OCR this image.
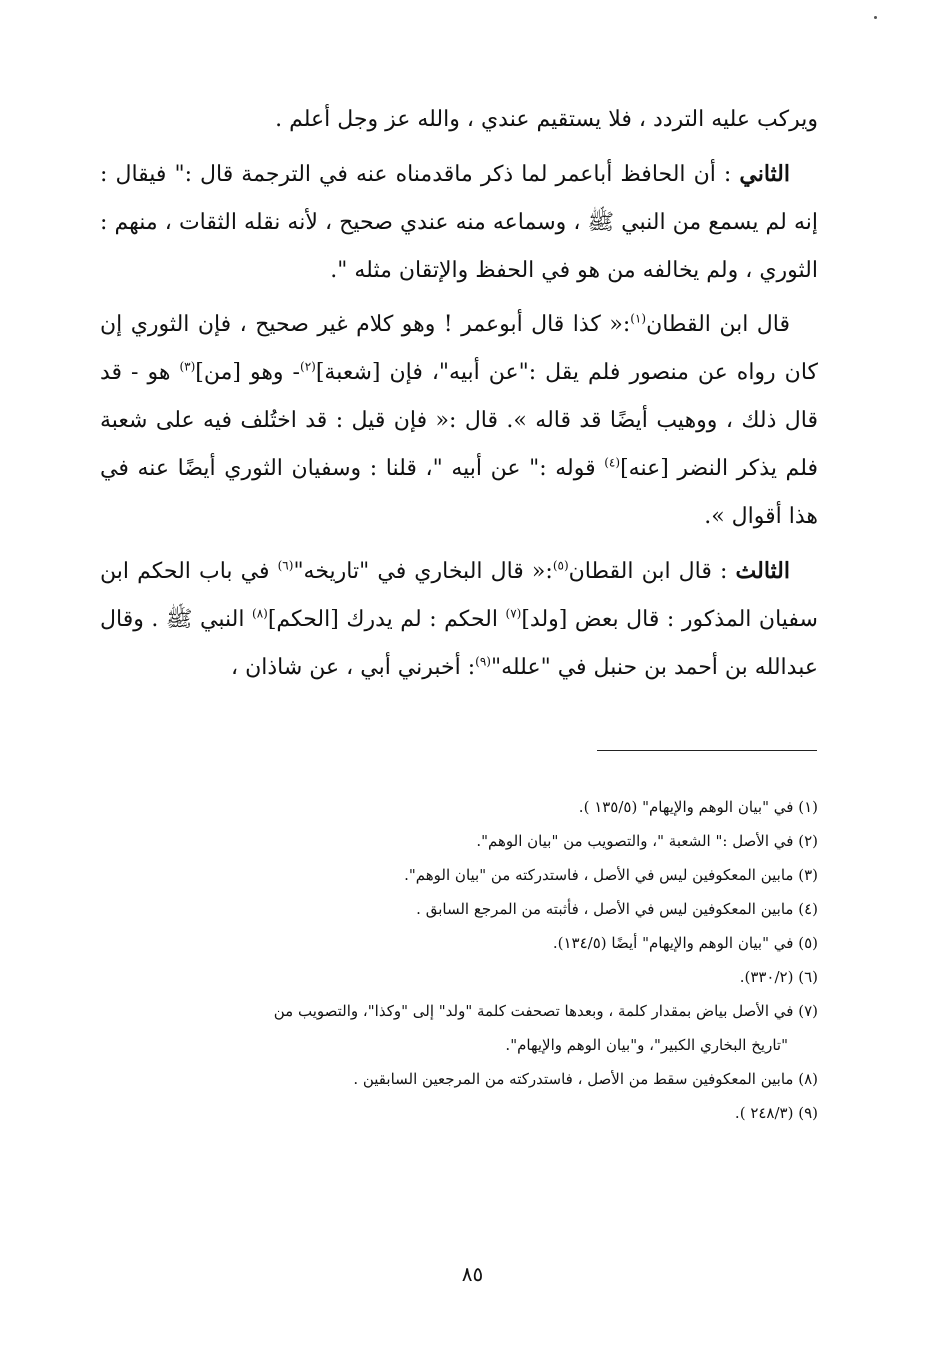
ويركب عليه التردد ، فلا يستقيم عندي ، والله عز وجل أعلم .

الثاني : أن الحافظ أباعمر لما ذكر ماقدمناه عنه في الترجمة قال :" فيقال : إنه لم يسمع من النبي ﷺ ، وسماعه منه عندي صحيح ، لأنه نقله الثقات ، منهم : الثوري ، ولم يخالفه من هو في الحفظ والإتقان مثله ".

قال ابن القطان$^{(١)}$:« كذا قال أبوعمر ! وهو كلام غير صحيح ، فإن الثوري إن كان رواه عن منصور فلم يقل :"عن أبيه"، فإن [شعبة]$^{(٢)}$- وهو [من]$^{(٣)}$ هو - قد قال ذلك ، ووهيب أيضًا قد قاله ». قال :« فإن قيل : قد اختُلف فيه على شعبة فلم يذكر النضر [عنه]$^{(٤)}$ قوله :" عن أبيه "، قلنا : وسفيان الثوري أيضًا عنه في هذا أقوال ».

الثالث : قال ابن القطان$^{(٥)}$:« قال البخاري في "تاريخه"$^{(٦)}$ في باب الحكم ابن سفيان المذكور : قال بعض [ولد]$^{(٧)}$ الحكم : لم يدرك [الحكم]$^{(٨)}$ النبي ﷺ . وقال عبدالله بن أحمد بن حنبل في "علله"$^{(٩)}$: أخبرني أبي ، عن شاذان ،

(١) في "بيان الوهم والإيهام" (١٣٥/٥ ).

(٢) في الأصل :" الشعبة "، والتصويب من "بيان الوهم".

(٣) مابين المعكوفين ليس في الأصل ، فاستدركته من "بيان الوهم".

(٤) مابين المعكوفين ليس في الأصل ، فأثبته من المرجع السابق .

(٥) في "بيان الوهم والإيهام" أيضًا (١٣٤/٥).

(٦) (٣٣٠/٢).

(٧) في الأصل بياض بمقدار كلمة ، وبعدها تصحفت كلمة "ولد" إلى "وكذا"، والتصويب من

"تاريخ البخاري الكبير"، و"بيان الوهم والإيهام".

(٨) مابين المعكوفين سقط من الأصل ، فاستدركته من المرجعين السابقين .

(٩) (٢٤٨/٣ ).

٨٥
